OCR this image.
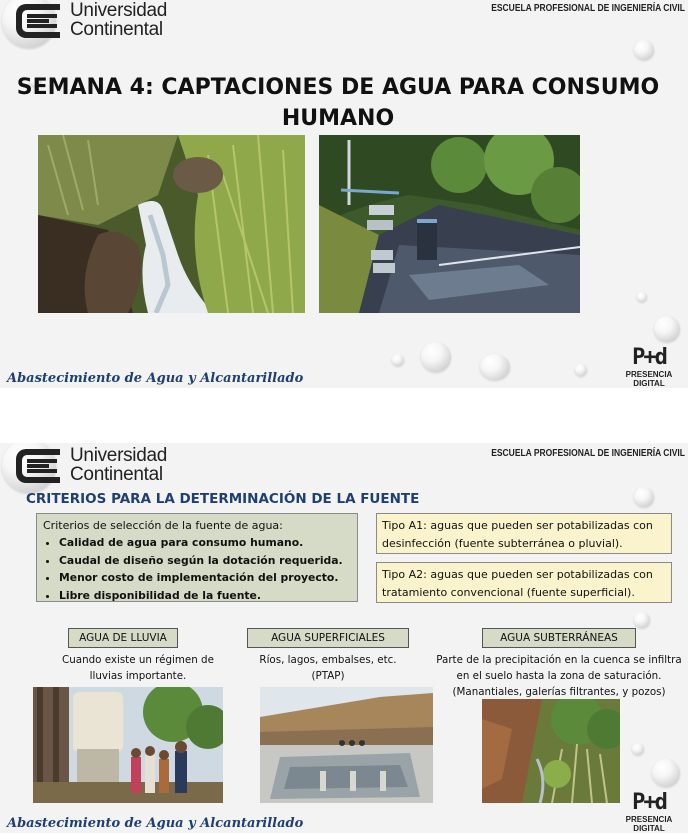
Universidad
Continental
ESCUELA PROFESIONAL DE INGENIERÍA CIVIL
SEMANA 4: CAPTACIONES DE AGUA PARA CONSUMO HUMANO
Abastecimiento de Agua y Alcantarillado
P+d
PRESENCIA DIGITAL
Universidad
Continental
ESCUELA PROFESIONAL DE INGENIERÍA CIVIL
CRITERIOS PARA LA DETERMINACIÓN DE LA FUENTE
Criterios de selección de la fuente de agua:
• Calidad de agua para consumo humano.
• Caudal de diseño según la dotación requerida.
• Menor costo de implementación del proyecto.
• Libre disponibilidad de la fuente.
Tipo A1: aguas que pueden ser potabilizadas con desinfección (fuente subterránea o pluvial).
Tipo A2: aguas que pueden ser potabilizadas con tratamiento convencional (fuente superficial).
AGUA DE LLUVIA	AGUA SUPERFICIALES	AGUA SUBTERRÁNEAS
Cuando existe un régimen de lluvias importante.
Ríos, lagos, embalses, etc. (PTAP)
Parte de la precipitación en la cuenca se infiltra en el suelo hasta la zona de saturación. (Manantiales, galerías filtrantes, y pozos)
Abastecimiento de Agua y Alcantarillado
P+d
PRESENCIA DIGITAL
